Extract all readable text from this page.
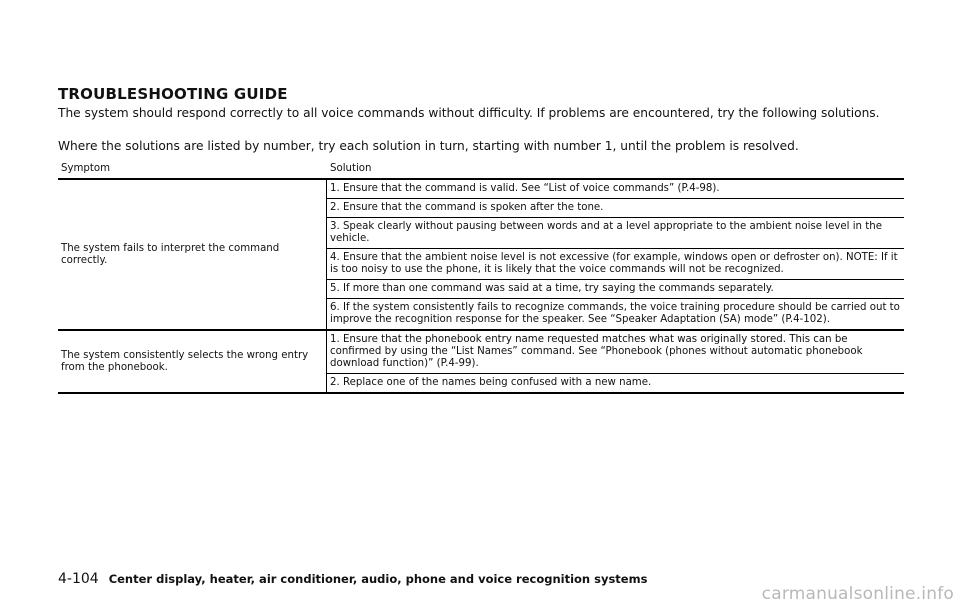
TROUBLESHOOTING GUIDE

The system should respond correctly to all voice commands without difficulty. If problems are encountered, try the following solutions.

Where the solutions are listed by number, try each solution in turn, starting with number 1, until the problem is resolved.

Symptom	Solution
The system fails to interpret the command correctly.	1. Ensure that the command is valid. See “List of voice commands” (P.4-98).
	2. Ensure that the command is spoken after the tone.
	3. Speak clearly without pausing between words and at a level appropriate to the ambient noise level in the vehicle.
	4. Ensure that the ambient noise level is not excessive (for example, windows open or defroster on). NOTE: If it is too noisy to use the phone, it is likely that the voice commands will not be recognized.
	5. If more than one command was said at a time, try saying the commands separately.
	6. If the system consistently fails to recognize commands, the voice training procedure should be carried out to improve the recognition response for the speaker. See “Speaker Adaptation (SA) mode” (P.4-102).
The system consistently selects the wrong entry from the phonebook.	1. Ensure that the phonebook entry name requested matches what was originally stored. This can be confirmed by using the “List Names” command. See “Phonebook (phones without automatic phonebook download function)” (P.4-99).
	2. Replace one of the names being confused with a new name.
4-104 Center display, heater, air conditioner, audio, phone and voice recognition systems
carmanualsonline.info
